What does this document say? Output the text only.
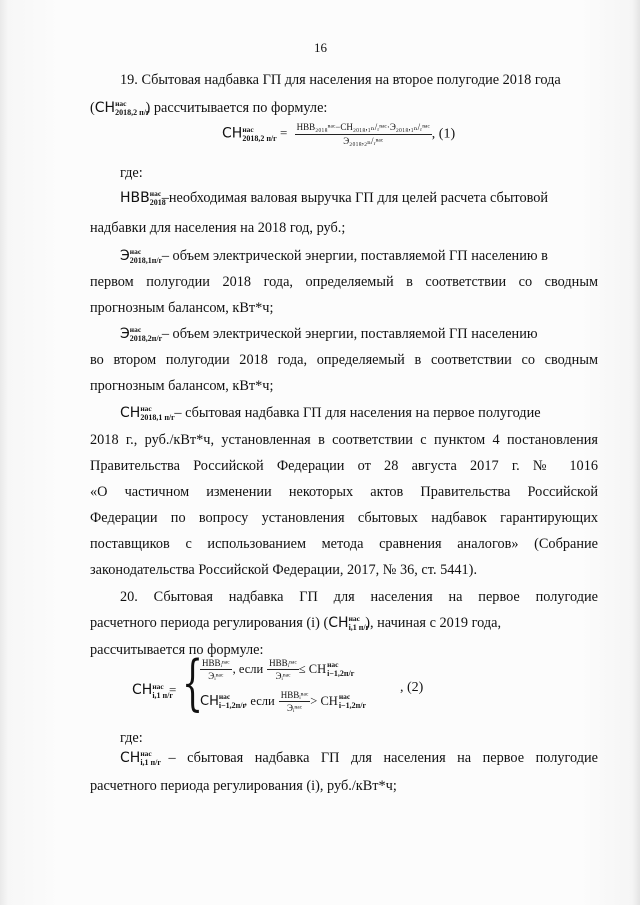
16
19. Сбытовая надбавка ГП для населения на второе полугодие 2018 года
(СН нас
2018,2 п/г
) рассчитывается по формуле:
СН нас
2018,2 $п/г = \frac{\text{НВВ₂₀₁₈ⁿᵃᶜ−СН₂₀₁₈,₁ₙ/ᵣⁿᵃᶜ·Э₂₀₁₈,₁ₙ/ᵣⁿᵃᶜ}}{\text{Э₂₀₁₈,₂ₙ/ᵣⁿᵃᶜ}}$ , (1)
где:
НВВ нас
2018
–необходимая валовая выручка ГП для целей расчета сбытовой
надбавки для населения на 2018 год, руб.;
Э нас
2018,1п/г
– объем электрической энергии, поставляемой ГП населению в
первом полугодии 2018 года, определяемый в соответствии со сводным
прогнозным балансом, кВт*ч;
Э нас
2018,2п/г
– объем электрической энергии, поставляемой ГП населению
во втором полугодии 2018 года, определяемый в соответствии со сводным
прогнозным балансом, кВт*ч;
СН нас
2018,1 п/г
– сбытовая надбавка ГП для населения на первое полугодие
2018 г., руб./кВт*ч, установленная в соответствии с пунктом 4 постановления
Правительства Российской Федерации от 28 августа 2017 г. № 1016
«О частичном изменении некоторых актов Правительства Российской
Федерации по вопросу установления сбытовых надбавок гарантирующих
поставщиков с использованием метода сравнения аналогов» (Собрание
законодательства Российской Федерации, 2017, № 36, ст. 5441).
20. Сбытовая надбавка ГП для населения на первое полугодие
расчетного периода регулирования (i) (СН нас
i,1 п/г
), начиная с 2019 года,
рассчитывается по формуле:
СН нас
i,1 п/г
= {
$\frac{\text{НВВᵢⁿᵃᶜ}}{\text{Эᵢⁿᵃᶜ}}$ , если $\frac{\text{НВВᵢⁿᵃᶜ}}{\text{Эᵢⁿᵃᶜ}}$ ≤ СН нас
i−1,2п/г
, (2)
СН нас
i−1,2п/г
, если $\frac{\text{НВВᵢⁿᵃᶜ}}{\text{Эᵢⁿᵃᶜ}}$ > СН нас
i−1,2п/г
где:
СН нас
i,1 п/г
– сбытовая надбавка ГП для населения на первое полугодие
расчетного периода регулирования (i), руб./кВт*ч;
